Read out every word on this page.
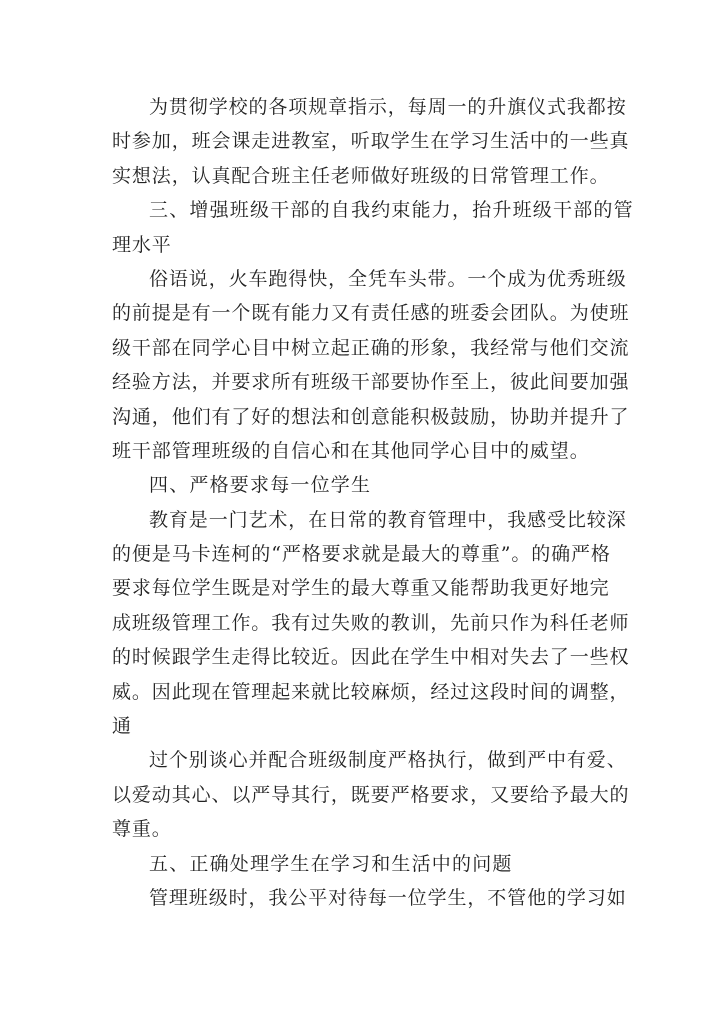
为贯彻学校的各项规章指示，每周一的升旗仪式我都按
时参加，班会课走进教室，听取学生在学习生活中的一些真
实想法，认真配合班主任老师做好班级的日常管理工作。
三、增强班级干部的自我约束能力，抬升班级干部的管
理水平
俗语说，火车跑得快，全凭车头带。一个成为优秀班级
的前提是有一个既有能力又有责任感的班委会团队。为使班
级干部在同学心目中树立起正确的形象，我经常与他们交流
经验方法，并要求所有班级干部要协作至上，彼此间要加强
沟通，他们有了好的想法和创意能积极鼓励，协助并提升了
班干部管理班级的自信心和在其他同学心目中的威望。
四、严格要求每一位学生
教育是一门艺术，在日常的教育管理中，我感受比较深
的便是马卡连柯的“严格要求就是最大的尊重”。的确严格
要求每位学生既是对学生的最大尊重又能帮助我更好地完
成班级管理工作。我有过失败的教训，先前只作为科任老师
的时候跟学生走得比较近。因此在学生中相对失去了一些权
威。因此现在管理起来就比较麻烦，经过这段时间的调整，
通
过个别谈心并配合班级制度严格执行，做到严中有爱、
以爱动其心、以严导其行，既要严格要求，又要给予最大的
尊重。
五、正确处理学生在学习和生活中的问题
管理班级时，我公平对待每一位学生，不管他的学习如
